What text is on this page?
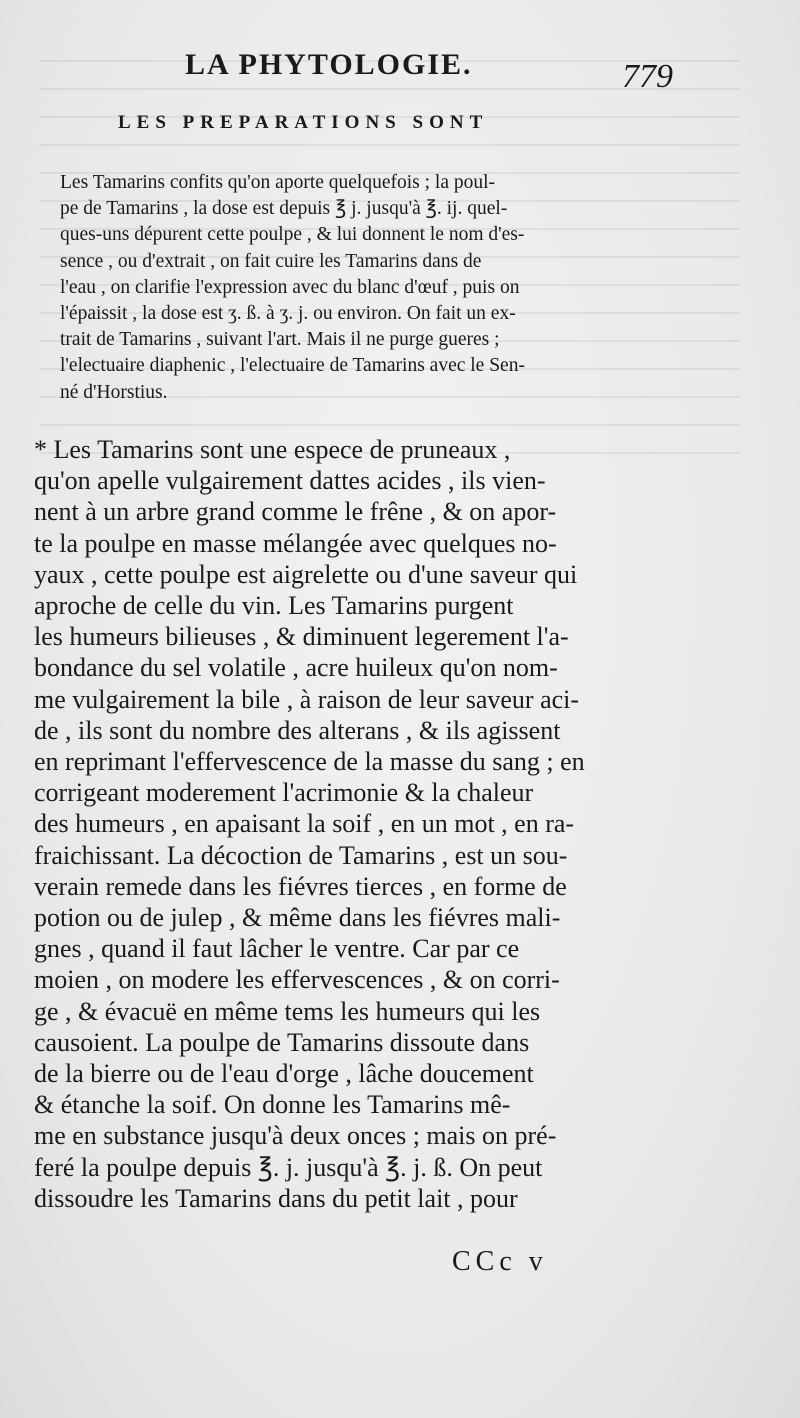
LA PHYTOLOGIE.	779
LES PREPARATIONS SONT
Les Tamarins confits qu'on aporte quelquefois ; la poul-
pe de Tamarins , la dose est depuis ℥ j. jusqu'à ℥. ij. quel-
ques-uns dépurent cette poulpe , & lui donnent le nom d'es-
sence , ou d'extrait , on fait cuire les Tamarins dans de
l'eau , on clarifie l'expression avec du blanc d'œuf , puis on
l'épaissit , la dose est ʒ. ß. à ʒ. j. ou environ. On fait un ex-
trait de Tamarins , suivant l'art. Mais il ne purge gueres ;
l'electuaire diaphenic , l'electuaire de Tamarins avec le Sen-
né d'Horstius.
* Les Tamarins sont une espece de pruneaux ,
qu'on apelle vulgairement dattes acides , ils vien-
nent à un arbre grand comme le frêne , & on apor-
te la poulpe en masse mélangée avec quelques no-
yaux , cette poulpe est aigrelette ou d'une saveur qui
aproche de celle du vin. Les Tamarins purgent
les humeurs bilieuses , & diminuent legerement l'a-
bondance du sel volatile , acre huileux qu'on nom-
me vulgairement la bile , à raison de leur saveur aci-
de , ils sont du nombre des alterans , & ils agissent
en reprimant l'effervescence de la masse du sang ; en
corrigeant moderement l'acrimonie & la chaleur
des humeurs , en apaisant la soif , en un mot , en ra-
fraichissant. La décoction de Tamarins , est un sou-
verain remede dans les fiévres tierces , en forme de
potion ou de julep , & même dans les fiévres mali-
gnes , quand il faut lâcher le ventre. Car par ce
moien , on modere les effervescences , & on corri-
ge , & évacuë en même tems les humeurs qui les
causoient. La poulpe de Tamarins dissoute dans
de la bierre ou de l'eau d'orge , lâche doucement
& étanche la soif. On donne les Tamarins mê-
me en substance jusqu'à deux onces ; mais on pré-
feré la poulpe depuis ℥. j. jusqu'à ℥. j. ß. On peut
dissoudre les Tamarins dans du petit lait , pour
CCc v
